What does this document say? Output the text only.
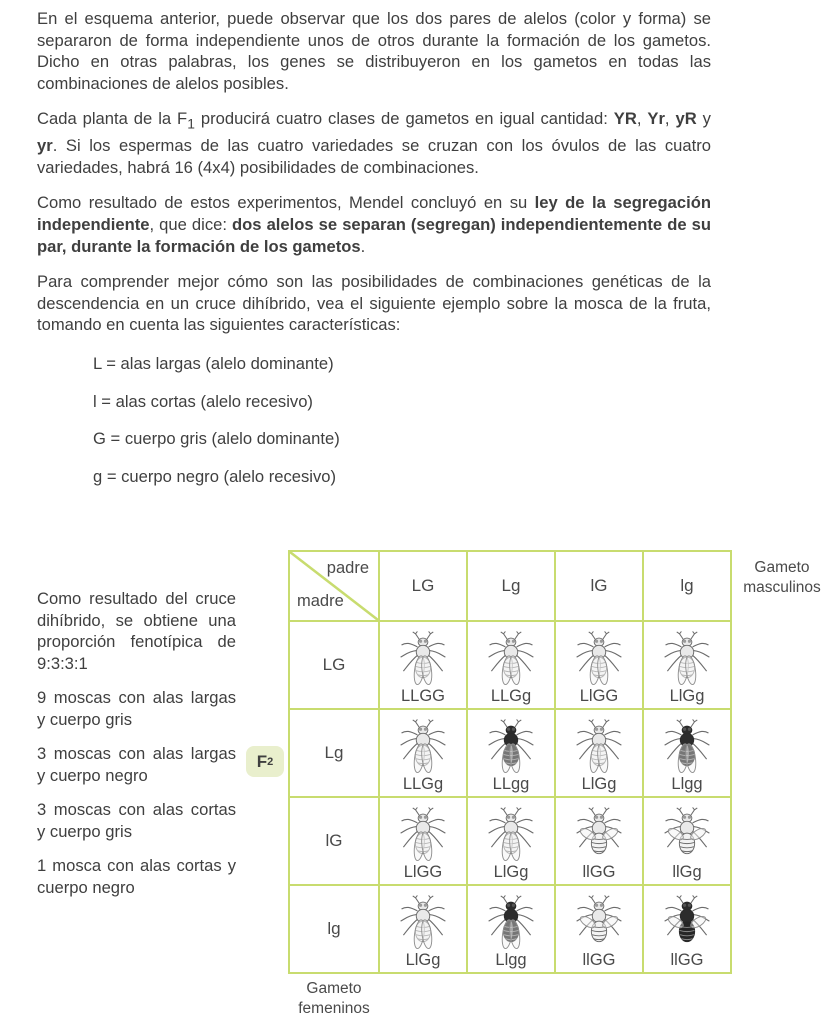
En el esquema anterior, puede observar que los dos pares de alelos (color y forma) se separaron de forma independiente unos de otros durante la formación de los gametos. Dicho en otras palabras, los genes se distribuyeron en los gametos en todas las combinaciones de alelos posibles.

Cada planta de la $F_1$ producirá cuatro clases de gametos en igual cantidad: YR, Yr, yR y yr. Si los espermas de las cuatro variedades se cruzan con los óvulos de las cuatro variedades, habrá 16 (4x4) posibilidades de combinaciones.

Como resultado de estos experimentos, Mendel concluyó en su ley de la segregación independiente, que dice: dos alelos se separan (segregan) independientemente de su par, durante la formación de los gametos.

Para comprender mejor cómo son las posibilidades de combinaciones genéticas de la descendencia en un cruce dihíbrido, vea el siguiente ejemplo sobre la mosca de la fruta, tomando en cuenta las siguientes características:

L = alas largas (alelo dominante)
l = alas cortas (alelo recesivo)
G = cuerpo gris (alelo dominante)
g = cuerpo negro (alelo recesivo)

Como resultado del cruce dihíbrido, se obtiene una proporción fenotípica de 9:3:3:1

9 moscas con alas largas y cuerpo gris

3 moscas con alas largas y cuerpo negro

3 moscas con alas cortas y cuerpo gris

1 mosca con alas cortas y cuerpo negro

F 2
padre
madre
LG	Lg	lG	lg
LG
LLGG	LLGg	LlGG	LlGg
Lg
LLGg	LLgg	LlGg	Llgg
lG
LlGG	LlGg	llGG	llGg
lg
LlGg	Llgg	llGG	llGG
Gameto masculinos
Gameto femeninos
